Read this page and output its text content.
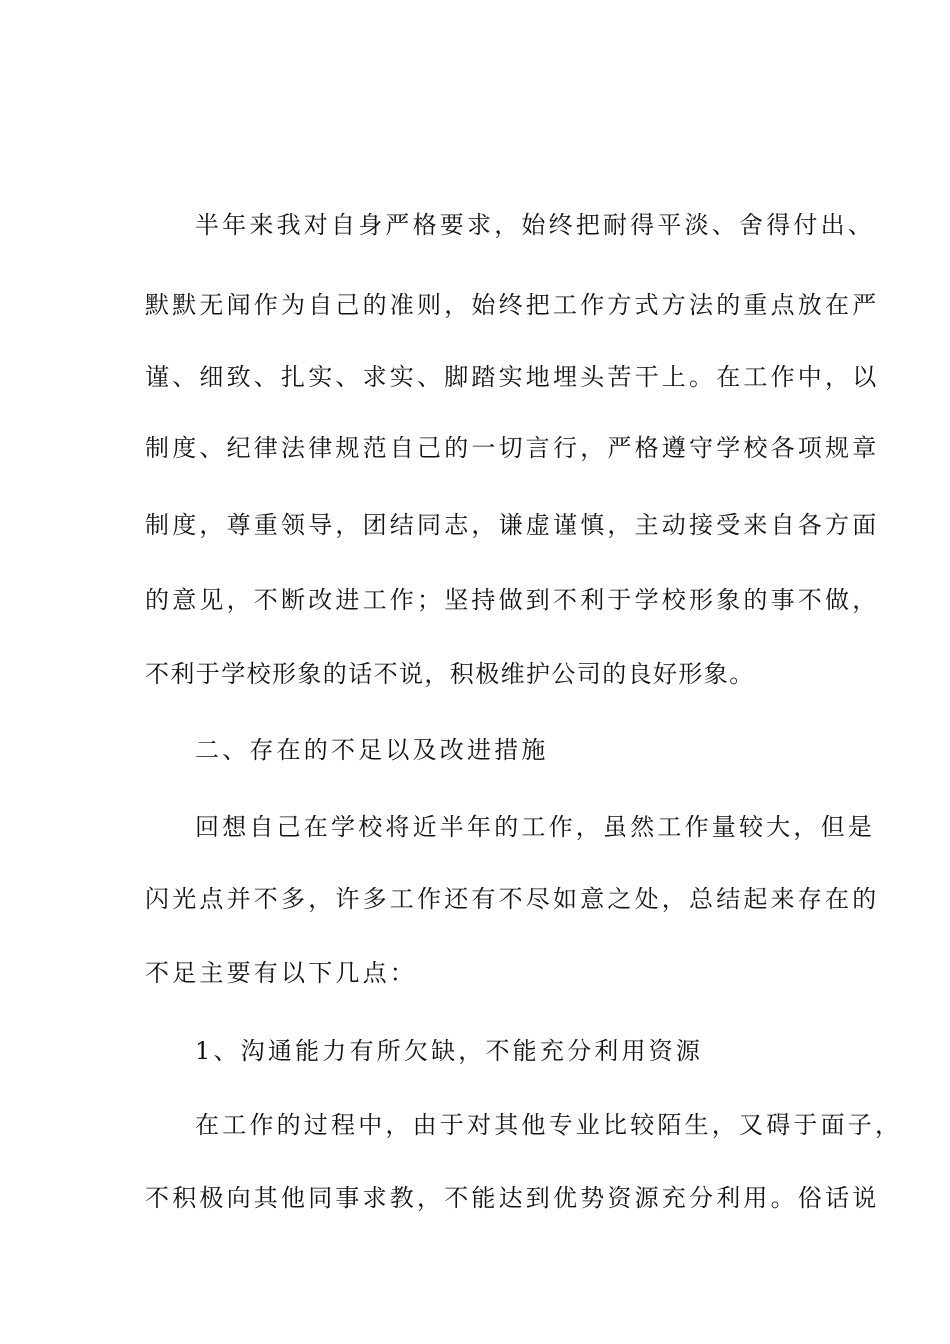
半年来我对自身严格要求，始终把耐得平淡、舍得付出、
默默无闻作为自己的准则，始终把工作方式方法的重点放在严
谨、细致、扎实、求实、脚踏实地埋头苦干上。在工作中，以
制度、纪律法律规范自己的一切言行，严格遵守学校各项规章
制度，尊重领导，团结同志，谦虚谨慎，主动接受来自各方面
的意见，不断改进工作；坚持做到不利于学校形象的事不做，
不利于学校形象的话不说，积极维护公司的良好形象。
二、存在的不足以及改进措施
回想自己在学校将近半年的工作，虽然工作量较大，但是
闪光点并不多，许多工作还有不尽如意之处，总结起来存在的
不足主要有以下几点：
1、沟通能力有所欠缺，不能充分利用资源
在工作的过程中，由于对其他专业比较陌生，又碍于面子，
不积极向其他同事求教，不能达到优势资源充分利用。俗话说
